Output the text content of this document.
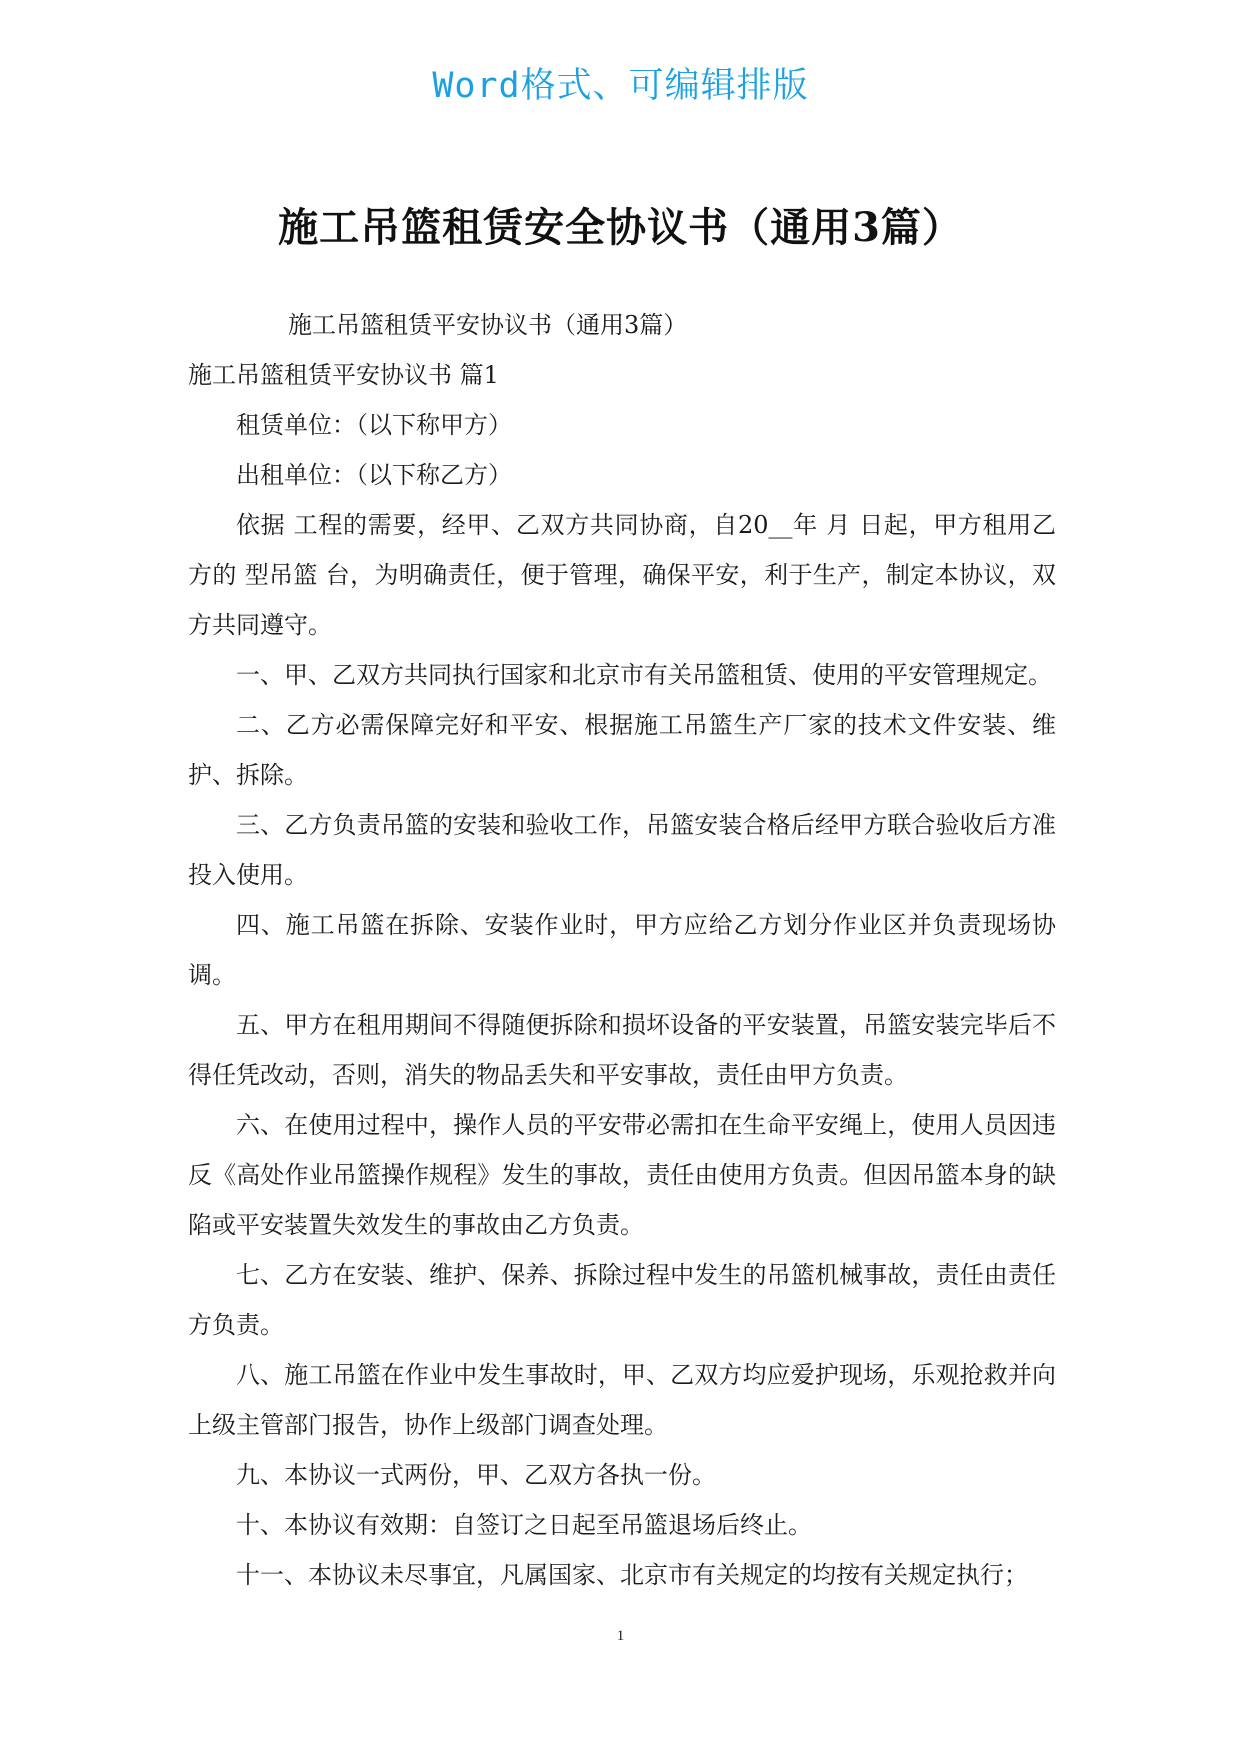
Word格式、可编辑排版
施工吊篮租赁安全协议书（通用3篇）

施工吊篮租赁平安协议书（通用3篇）

施工吊篮租赁平安协议书 篇1

租赁单位：（以下称甲方）

出租单位：（以下称乙方）

依据 工程的需要，经甲、乙双方共同协商，自20__年 月 日起，甲方租用乙方的 型吊篮 台，为明确责任，便于管理，确保平安，利于生产，制定本协议，双方共同遵守。

一、甲、乙双方共同执行国家和北京市有关吊篮租赁、使用的平安管理规定。

二、乙方必需保障完好和平安、根据施工吊篮生产厂家的技术文件安装、维护、拆除。

三、乙方负责吊篮的安装和验收工作，吊篮安装合格后经甲方联合验收后方准投入使用。

四、施工吊篮在拆除、安装作业时，甲方应给乙方划分作业区并负责现场协调。

五、甲方在租用期间不得随便拆除和损坏设备的平安装置，吊篮安装完毕后不得任凭改动，否则，消失的物品丢失和平安事故，责任由甲方负责。

六、在使用过程中，操作人员的平安带必需扣在生命平安绳上，使用人员因违反《高处作业吊篮操作规程》发生的事故，责任由使用方负责。但因吊篮本身的缺陷或平安装置失效发生的事故由乙方负责。

七、乙方在安装、维护、保养、拆除过程中发生的吊篮机械事故，责任由责任方负责。

八、施工吊篮在作业中发生事故时，甲、乙双方均应爱护现场，乐观抢救并向上级主管部门报告，协作上级部门调查处理。

九、本协议一式两份，甲、乙双方各执一份。

十、本协议有效期：自签订之日起至吊篮退场后终止。

十一、本协议未尽事宜，凡属国家、北京市有关规定的均按有关规定执行；

1
